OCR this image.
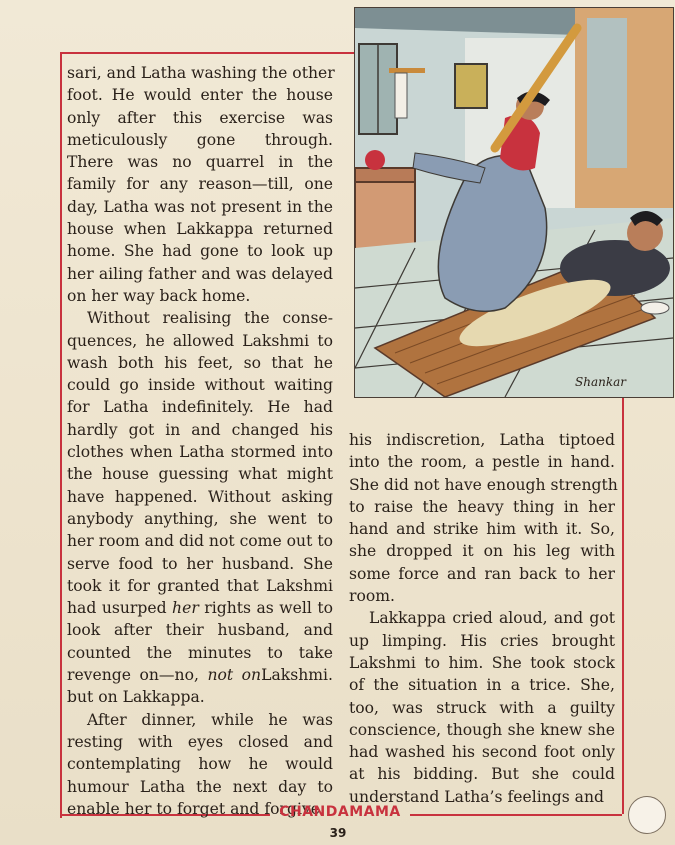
sari, and Latha washing the other

foot. He would enter the house

only after this exercise was

meticulously gone through.

There was no quarrel in the

family for any reason—till, one

day, Latha was not present in the

house when Lakkappa returned

home. She had gone to look up

her ailing father and was delayed

on her way back home.

Without realising the conse-

quences, he allowed Lakshmi to

wash both his feet, so that he

could go inside without waiting

for Latha indefinitely. He had

hardly got in and changed his

clothes when Latha stormed into

the house guessing what might

have happened. Without asking

anybody anything, she went to

her room and did not come out to

serve food to her husband. She

took it for granted that Lakshmi

had usurped her rights as well to

look after their husband, and

counted the minutes to take

revenge on—no, not onLakshmi.

but on Lakkappa.

After dinner, while he was

resting with eyes closed and

contemplating how he would

humour Latha the next day to

enable her to forget and forgive

his indiscretion, Latha tiptoed

into the room, a pestle in hand.

She did not have enough strength

to raise the heavy thing in her

hand and strike him with it. So,

she dropped it on his leg with

some force and ran back to her

room.

Lakkappa cried aloud, and got

up limping. His cries brought

Lakshmi to him. She took stock

of the situation in a trice. She,

too, was struck with a guilty

conscience, though she knew she

had washed his second foot only

at his bidding. But she could

understand Latha’s feelings and

Shankar
CHANDAMAMA
39
